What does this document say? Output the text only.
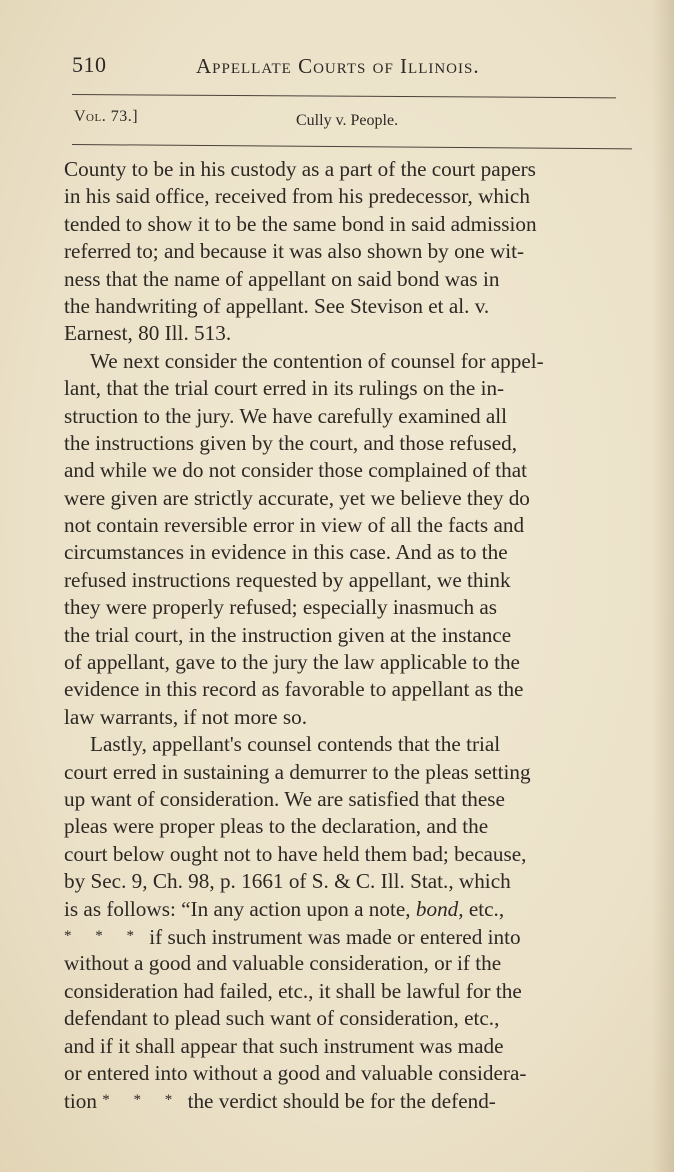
510	Appellate Courts of Illinois.
Vol. 73.]	Cully v. People.
County to be in his custody as a part of the court papers
in his said office, received from his predecessor, which
tended to show it to be the same bond in said admission
referred to; and because it was also shown by one wit-
ness that the name of appellant on said bond was in
the handwriting of appellant. See Stevison et al. v.
Earnest, 80 Ill. 513.
We next consider the contention of counsel for appel-
lant, that the trial court erred in its rulings on the in-
struction to the jury. We have carefully examined all
the instructions given by the court, and those refused,
and while we do not consider those complained of that
were given are strictly accurate, yet we believe they do
not contain reversible error in view of all the facts and
circumstances in evidence in this case. And as to the
refused instructions requested by appellant, we think
they were properly refused; especially inasmuch as
the trial court, in the instruction given at the instance
of appellant, gave to the jury the law applicable to the
evidence in this record as favorable to appellant as the
law warrants, if not more so.
Lastly, appellant's counsel contends that the trial
court erred in sustaining a demurrer to the pleas setting
up want of consideration. We are satisfied that these
pleas were proper pleas to the declaration, and the
court below ought not to have held them bad; because,
by Sec. 9, Ch. 98, p. 1661 of S. & C. Ill. Stat., which
is as follows: “In any action upon a note, bond, etc.,
* * * if such instrument was made or entered into
without a good and valuable consideration, or if the
consideration had failed, etc., it shall be lawful for the
defendant to plead such want of consideration, etc.,
and if it shall appear that such instrument was made
or entered into without a good and valuable considera-
tion * * * the verdict should be for the defend-
